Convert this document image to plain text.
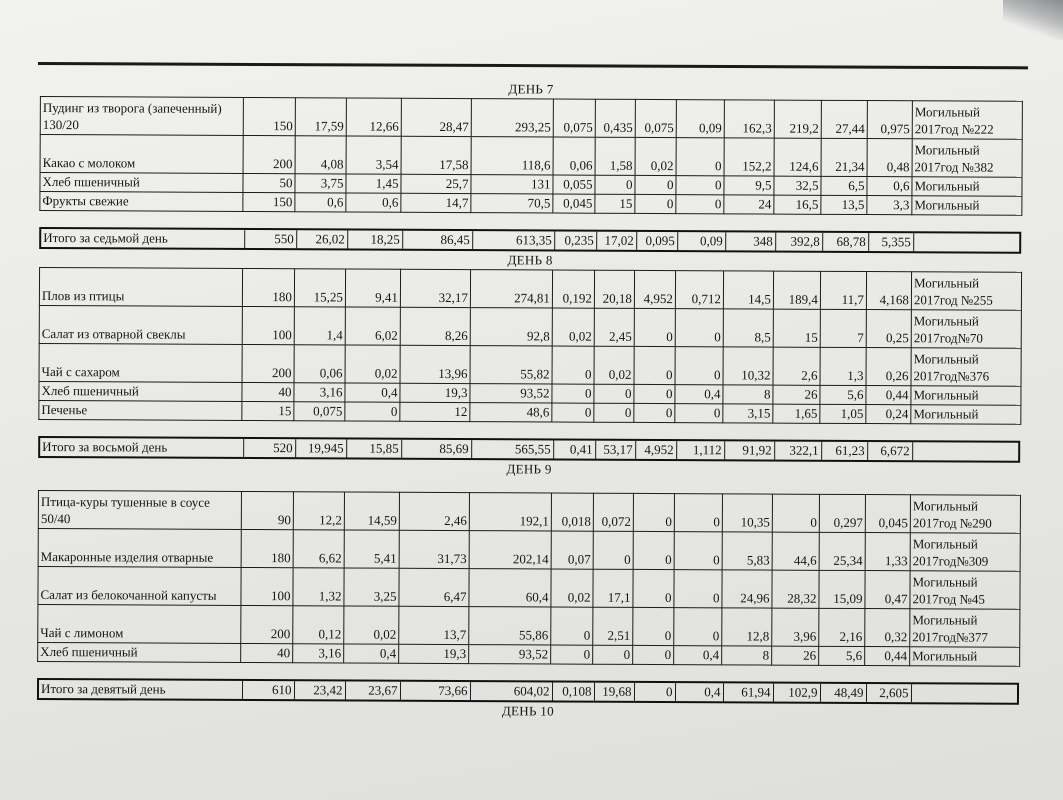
ДЕНЬ 7
Пудинг из творога (запеченный) 130/20	150	17,59	12,66	28,47	293,25	0,075	0,435	0,075	0,09	162,3	219,2	27,44	0,975	Могильный 2017год №222
Какао с молоком	200	4,08	3,54	17,58	118,6	0,06	1,58	0,02	0	152,2	124,6	21,34	0,48	Могильный 2017год №382
Хлеб пшеничный	50	3,75	1,45	25,7	131	0,055	0	0	0	9,5	32,5	6,5	0,6	Могильный
Фрукты свежие	150	0,6	0,6	14,7	70,5	0,045	15	0	0	24	16,5	13,5	3,3	Могильный
Итого за седьмой день	550	26,02	18,25	86,45	613,35	0,235	17,02	0,095	0,09	348	392,8	68,78	5,355	
ДЕНЬ 8
Плов из птицы	180	15,25	9,41	32,17	274,81	0,192	20,18	4,952	0,712	14,5	189,4	11,7	4,168	Могильный 2017год №255
Салат из отварной свеклы	100	1,4	6,02	8,26	92,8	0,02	2,45	0	0	8,5	15	7	0,25	Могильный 2017год№70
Чай с сахаром	200	0,06	0,02	13,96	55,82	0	0,02	0	0	10,32	2,6	1,3	0,26	Могильный 2017год№376
Хлеб пшеничный	40	3,16	0,4	19,3	93,52	0	0	0	0,4	8	26	5,6	0,44	Могильный
Печенье	15	0,075	0	12	48,6	0	0	0	0	3,15	1,65	1,05	0,24	Могильный
Итого за восьмой день	520	19,945	15,85	85,69	565,55	0,41	53,17	4,952	1,112	91,92	322,1	61,23	6,672	
ДЕНЬ 9
Птица-куры тушенные в соусе 50/40	90	12,2	14,59	2,46	192,1	0,018	0,072	0	0	10,35	0	0,297	0,045	Могильный 2017год №290
Макаронные изделия отварные	180	6,62	5,41	31,73	202,14	0,07	0	0	0	5,83	44,6	25,34	1,33	Могильный 2017год№309
Салат из белокочанной капусты	100	1,32	3,25	6,47	60,4	0,02	17,1	0	0	24,96	28,32	15,09	0,47	Могильный 2017год №45
Чай с лимоном	200	0,12	0,02	13,7	55,86	0	2,51	0	0	12,8	3,96	2,16	0,32	Могильный 2017год№377
Хлеб пшеничный	40	3,16	0,4	19,3	93,52	0	0	0	0,4	8	26	5,6	0,44	Могильный
Итого за девятый день	610	23,42	23,67	73,66	604,02	0,108	19,68	0	0,4	61,94	102,9	48,49	2,605	
ДЕНЬ 10
